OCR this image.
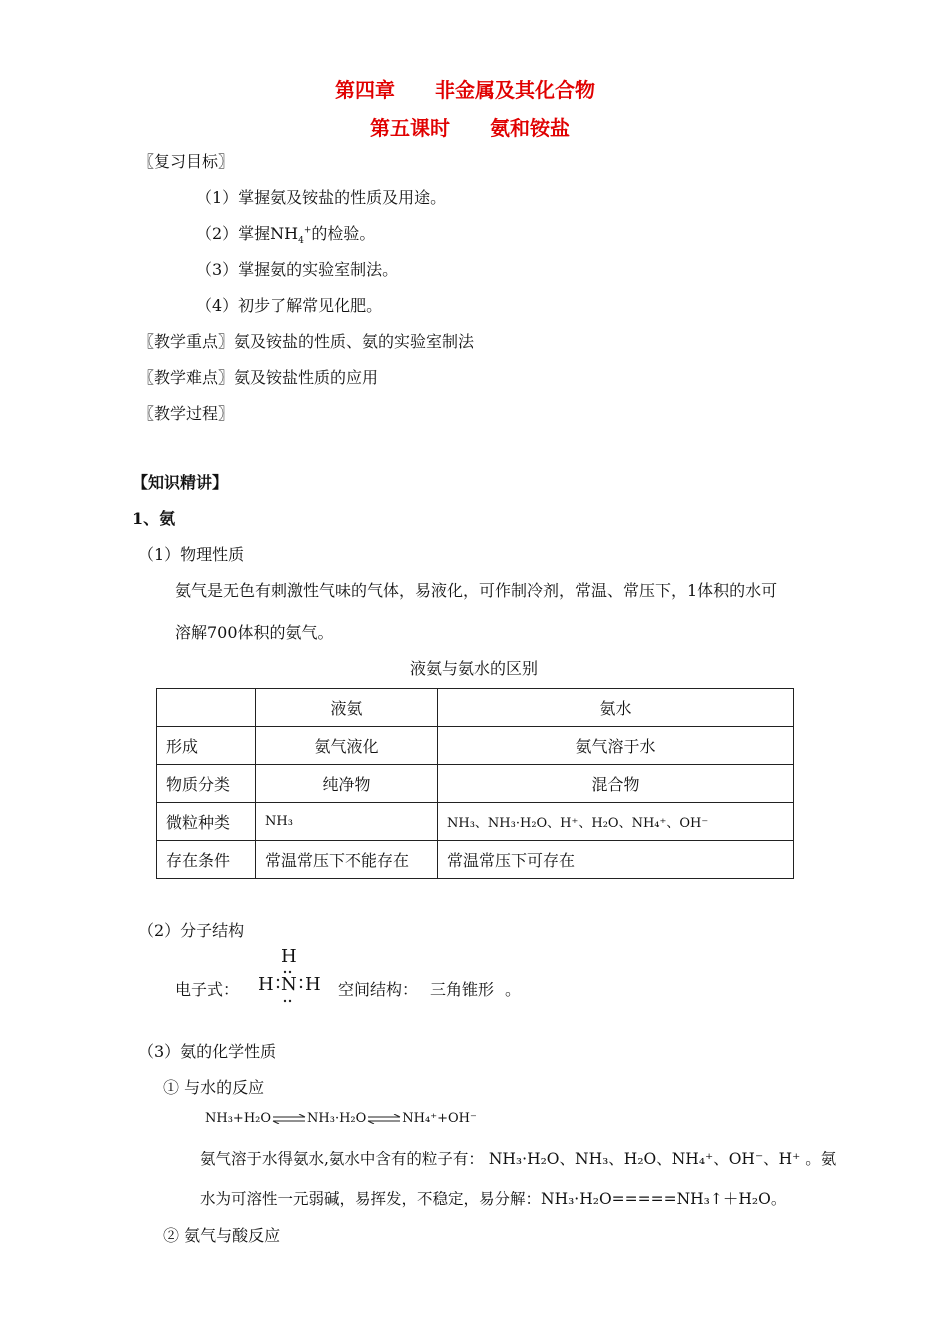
第四章　　非金属及其化合物
第五课时　　氨和铵盐
〖复习目标〗
（1）掌握氨及铵盐的性质及用途。
（2）掌握$NH_4^+$的检验。
（3）掌握氨的实验室制法。
（4）初步了解常见化肥。
〖教学重点〗氨及铵盐的性质、氨的实验室制法
〖教学难点〗氨及铵盐性质的应用
〖教学过程〗
【知识精讲】
1、氨
（1）物理性质
氨气是无色有刺激性气味的气体，易液化，可作制冷剂，常温、常压下，1体积的水可
溶解700体积的氨气。
液氨与氨水的区别
	液氨	氨水
形成	氨气液化	氨气溶于水
物质分类	纯净物	混合物
微粒种类	NH₃	NH₃、NH₃·H₂O、H⁺、H₂O、NH₄⁺、OH⁻
存在条件	常温常压下不能存在	常温常压下可存在
（2）分子结构
电子式：
H
H N H 空间结构： 三角锥形 。
（3）氨的化学性质
① 与水的反应
NH₃+H₂O⇌NH₃·H₂O⇌NH₄⁺+OH⁻
氨气溶于水得氨水,氨水中含有的粒子有： NH₃·H₂O、NH₃、H₂O、NH₄⁺、OH⁻、H⁺ 。氨
水为可溶性一元弱碱，易挥发，不稳定，易分解：NH₃·H₂O=====NH₃↑＋H₂O。
② 氨气与酸反应
